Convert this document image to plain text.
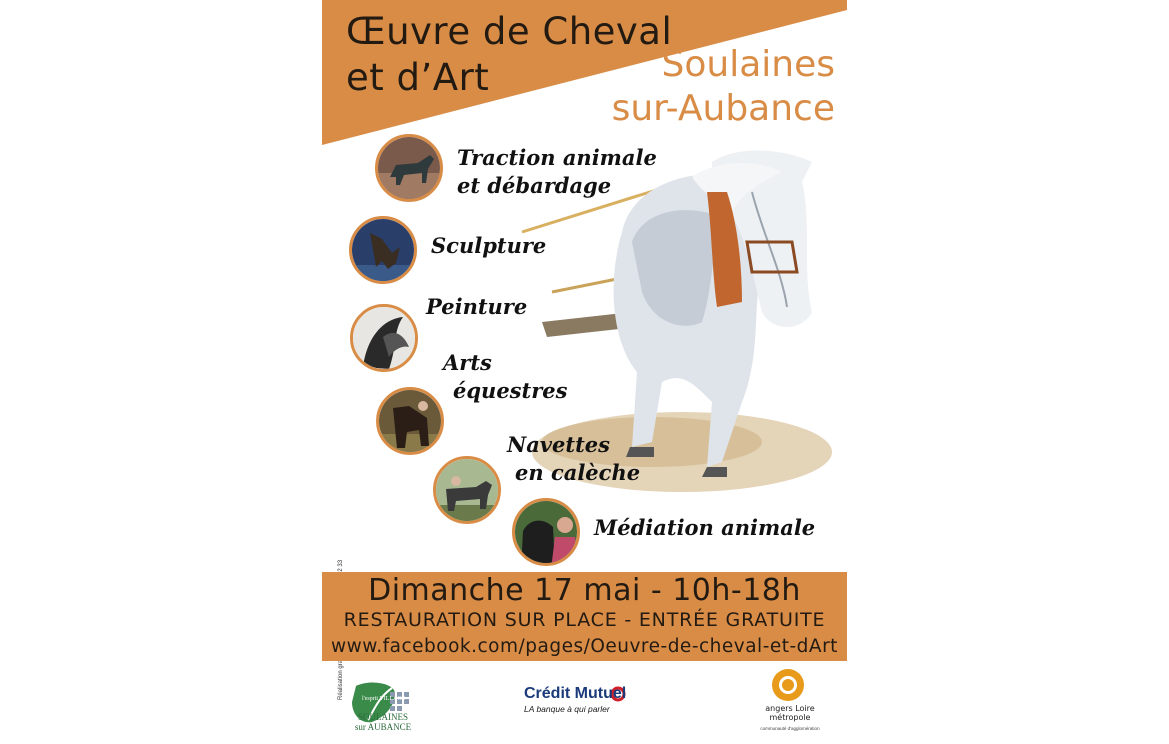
Œuvre de Cheval
et d’Art	Soulaines
sur-Aubance
Traction animale
et débardage
Sculpture
Peinture
Arts
équestres
Navettes
en calèche
Médiation animale
Dimanche 17 mai - 10h-18h
RESTAURATION SUR PLACE - ENTRÉE GRATUITE
www.facebook.com/pages/Oeuvre-de-cheval-et-dArt
l'esprit VILLAGE
SOULAINES
sur AUBANCE
Crédit Mutuel
LA banque à qui parler	angers Loire
métropole
communauté d'agglomération
